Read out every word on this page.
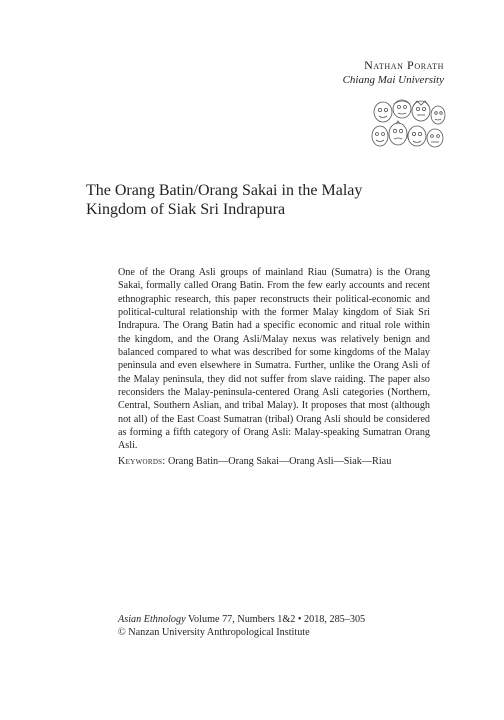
Nathan Porath
Chiang Mai University
The Orang Batin/Orang Sakai in the Malay Kingdom of Siak Sri Indrapura

One of the Orang Asli groups of mainland Riau (Sumatra) is the Orang Sakai, formally called Orang Batin. From the few early accounts and recent ethnographic research, this paper reconstructs their political-economic and political-cultural relationship with the former Malay kingdom of Siak Sri Indrapura. The Orang Batin had a specific economic and ritual role within the kingdom, and the Orang Asli/Malay nexus was relatively benign and balanced compared to what was described for some kingdoms of the Malay peninsula and even elsewhere in Sumatra. Further, unlike the Orang Asli of the Malay peninsula, they did not suffer from slave raiding. The paper also reconsiders the Malay-peninsula-centered Orang Asli categories (Northern, Central, Southern Aslian, and tribal Malay). It proposes that most (although not all) of the East Coast Sumatran (tribal) Orang Asli should be considered as forming a fifth category of Orang Asli: Malay-speaking Sumatran Orang Asli.

Keywords: Orang Batin—Orang Sakai—Orang Asli—Siak—Riau

Asian Ethnology Volume 77, Numbers 1&2 • 2018, 285–305
© Nanzan University Anthropological Institute
